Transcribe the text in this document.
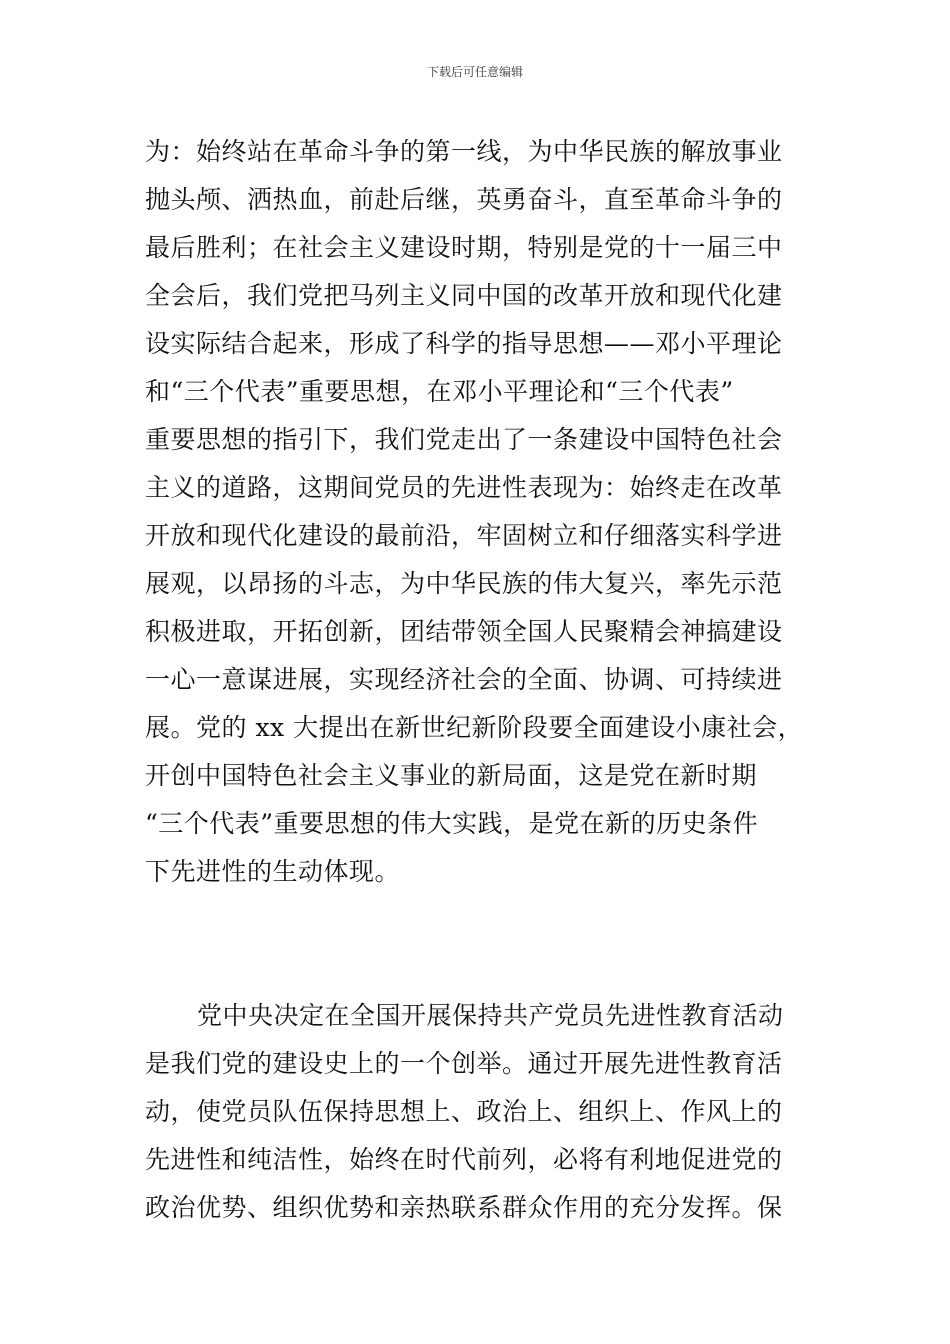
下载后可任意编辑
为：始终站在革命斗争的第一线，为中华民族的解放事业
抛头颅、洒热血，前赴后继，英勇奋斗，直至革命斗争的
最后胜利；在社会主义建设时期，特别是党的十一届三中
全会后，我们党把马列主义同中国的改革开放和现代化建
设实际结合起来，形成了科学的指导思想——邓小平理论
和“三个代表”重要思想，在邓小平理论和“三个代表”
重要思想的指引下，我们党走出了一条建设中国特色社会
主义的道路，这期间党员的先进性表现为：始终走在改革
开放和现代化建设的最前沿，牢固树立和仔细落实科学进
展观，以昂扬的斗志，为中华民族的伟大复兴，率先示范
积极进取，开拓创新，团结带领全国人民聚精会神搞建设
一心一意谋进展，实现经济社会的全面、协调、可持续进
展。党的 xx 大提出在新世纪新阶段要全面建设小康社会，
开创中国特色社会主义事业的新局面，这是党在新时期
“三个代表”重要思想的伟大实践，是党在新的历史条件
下先进性的生动体现。
党中央决定在全国开展保持共产党员先进性教育活动
是我们党的建设史上的一个创举。通过开展先进性教育活
动，使党员队伍保持思想上、政治上、组织上、作风上的
先进性和纯洁性，始终在时代前列，必将有利地促进党的
政治优势、组织优势和亲热联系群众作用的充分发挥。保
